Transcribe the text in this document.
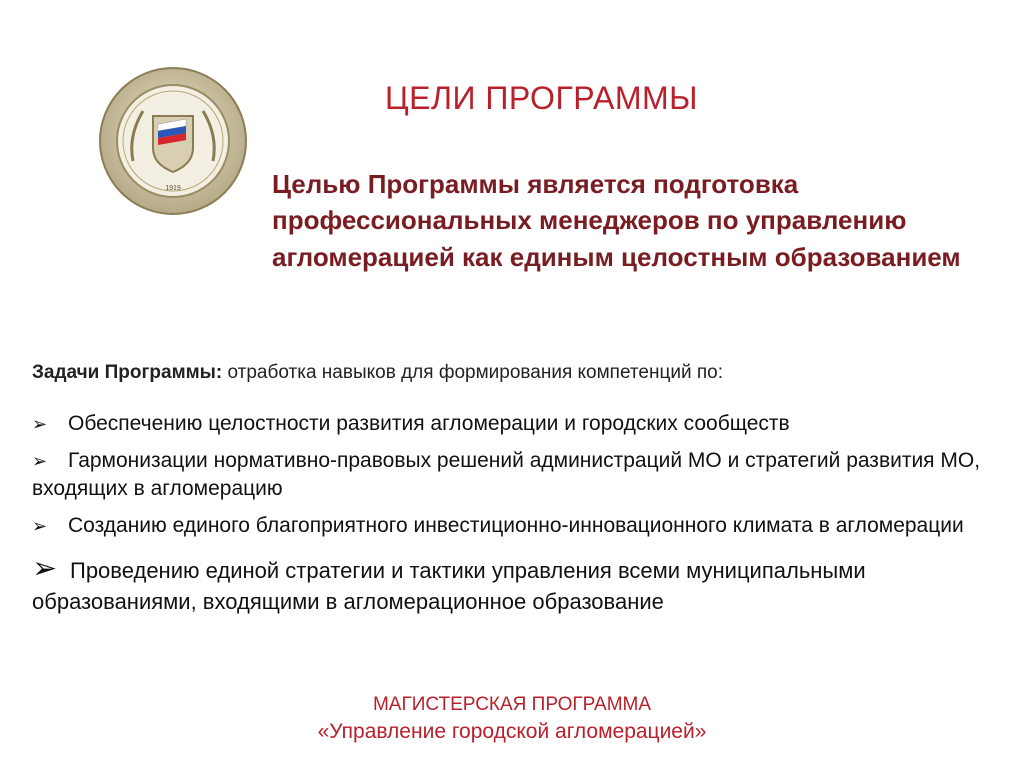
1919
ЦЕЛИ ПРОГРАММЫ
Целью Программы является подготовка профессиональных менеджеров по управлению агломерацией как единым целостным образованием
Задачи Программы: отработка навыков для формирования компетенций по:
➢ Обеспечению целостности развития агломерации и городских сообществ
➢ Гармонизации нормативно-правовых решений администраций МО и стратегий развития МО, входящих в агломерацию
➢ Созданию единого благоприятного инвестиционно-инновационного климата в агломерации
➢ Проведению единой стратегии и тактики управления всеми муниципальными образованиями, входящими в агломерационное образование
МАГИСТЕРСКАЯ ПРОГРАММА
«Управление городской агломерацией»
